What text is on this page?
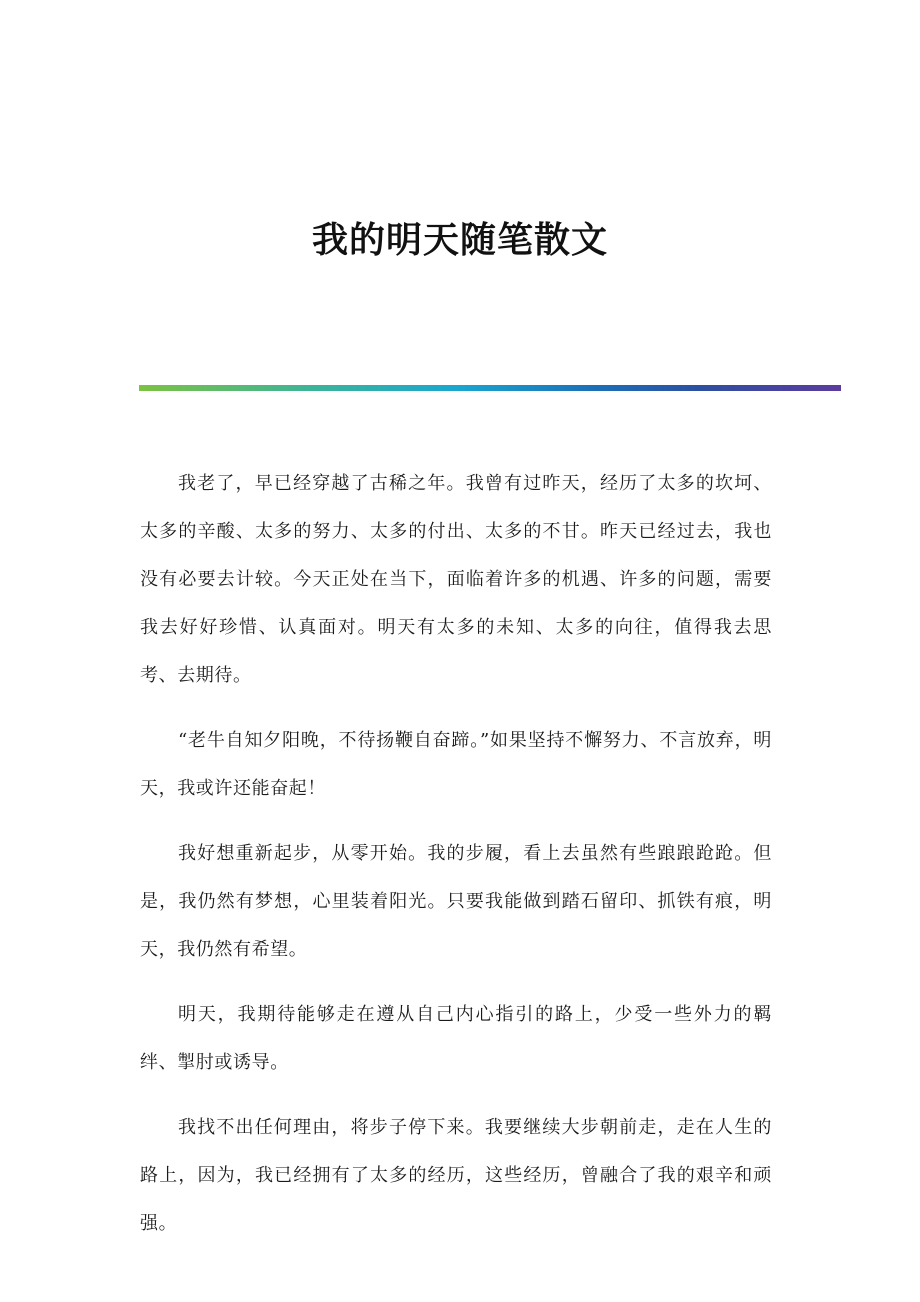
我的明天随笔散文

我老了，早已经穿越了古稀之年。我曾有过昨天，经历了太多的坎坷、太多的辛酸、太多的努力、太多的付出、太多的不甘。昨天已经过去，我也没有必要去计较。今天正处在当下，面临着许多的机遇、许多的问题，需要我去好好珍惜、认真面对。明天有太多的未知、太多的向往，值得我去思考、去期待。

“老牛自知夕阳晚，不待扬鞭自奋蹄。”如果坚持不懈努力、不言放弃，明天，我或许还能奋起！

我好想重新起步，从零开始。我的步履，看上去虽然有些踉踉跄跄。但是，我仍然有梦想，心里装着阳光。只要我能做到踏石留印、抓铁有痕，明天，我仍然有希望。

明天，我期待能够走在遵从自己内心指引的路上，少受一些外力的羁绊、掣肘或诱导。

我找不出任何理由，将步子停下来。我要继续大步朝前走，走在人生的路上，因为，我已经拥有了太多的经历，这些经历，曾融合了我的艰辛和顽强。
